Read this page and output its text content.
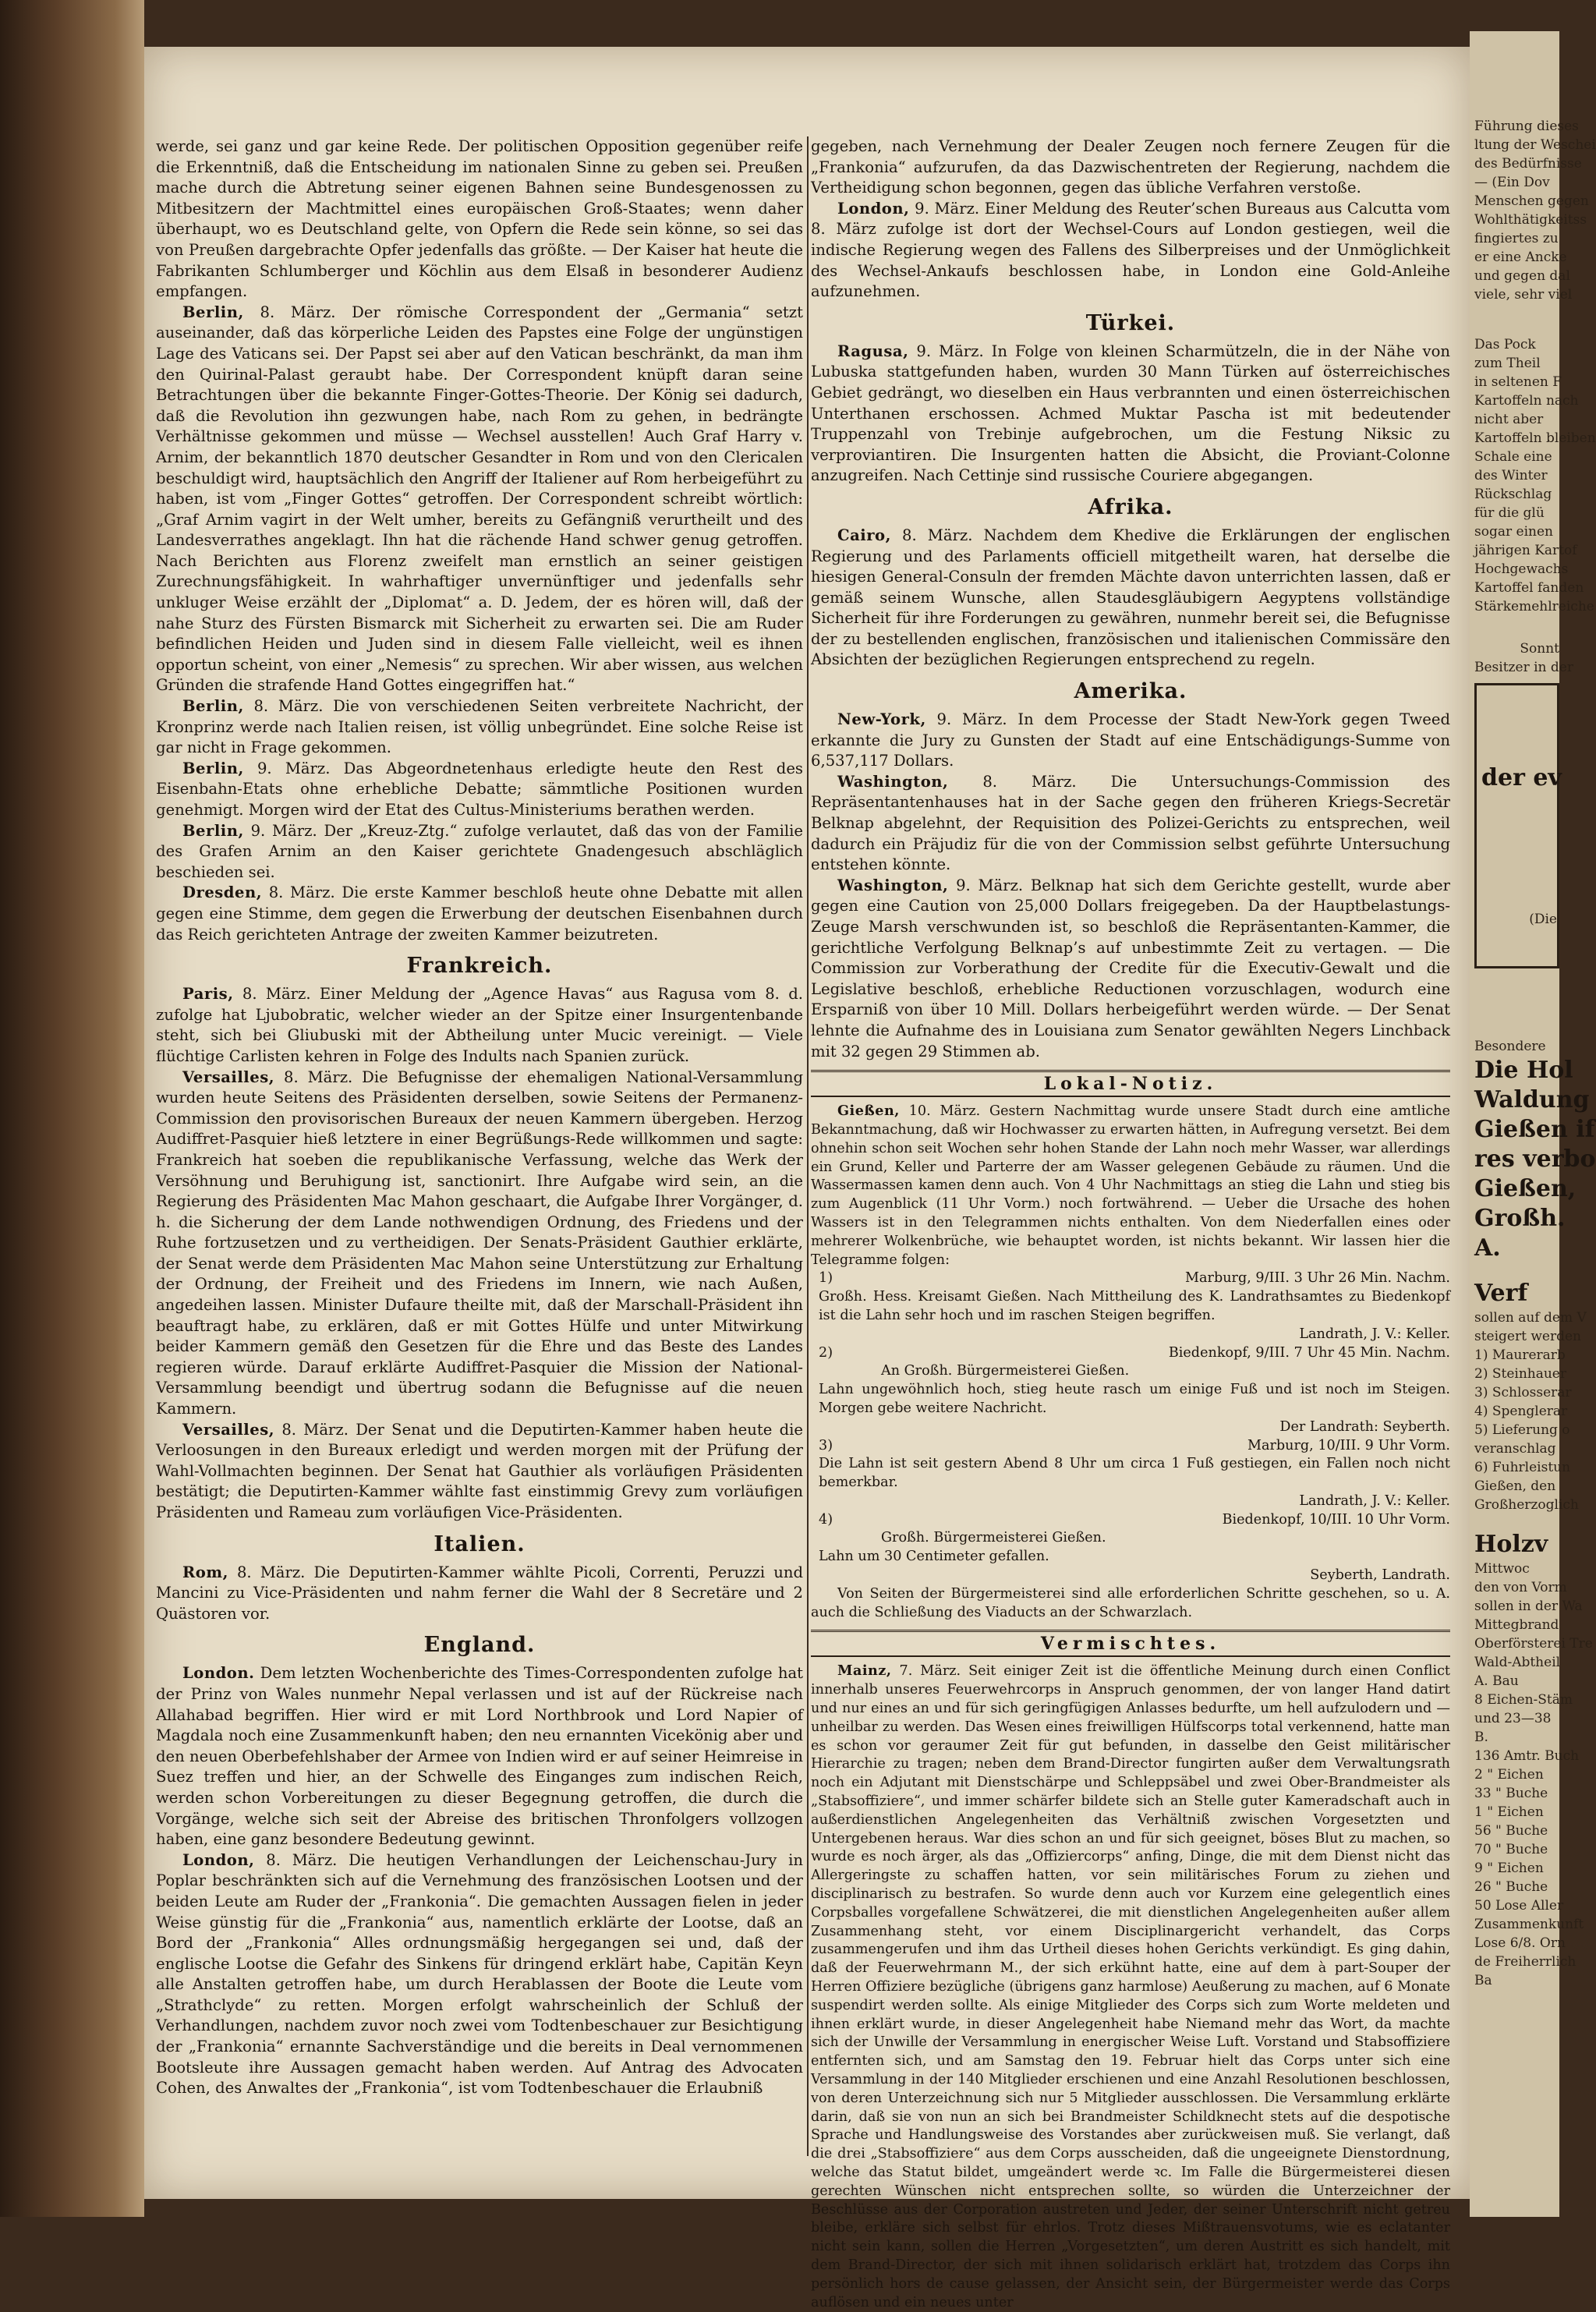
werde, sei ganz und gar keine Rede. Der politischen Opposition gegenüber reife die Erkenntniß, daß die Entscheidung im nationalen Sinne zu geben sei. Preußen mache durch die Abtretung seiner eigenen Bahnen seine Bundesgenossen zu Mitbesitzern der Machtmittel eines europäischen Groß-Staates; wenn daher überhaupt, wo es Deutschland gelte, von Opfern die Rede sein könne, so sei das von Preußen dargebrachte Opfer jedenfalls das größte. — Der Kaiser hat heute die Fabrikanten Schlumberger und Köchlin aus dem Elsaß in besonderer Audienz empfangen.

Berlin, 8. März. Der römische Correspondent der „Germania“ setzt auseinander, daß das körperliche Leiden des Papstes eine Folge der ungünstigen Lage des Vaticans sei. Der Papst sei aber auf den Vatican beschränkt, da man ihm den Quirinal-Palast geraubt habe. Der Correspondent knüpft daran seine Betrachtungen über die bekannte Finger-Gottes-Theorie. Der König sei dadurch, daß die Revolution ihn gezwungen habe, nach Rom zu gehen, in bedrängte Verhältnisse gekommen und müsse — Wechsel ausstellen! Auch Graf Harry v. Arnim, der bekanntlich 1870 deutscher Gesandter in Rom und von den Clericalen beschuldigt wird, hauptsächlich den Angriff der Italiener auf Rom herbeigeführt zu haben, ist vom „Finger Gottes“ getroffen. Der Correspondent schreibt wörtlich: „Graf Arnim vagirt in der Welt umher, bereits zu Gefängniß verurtheilt und des Landesverrathes angeklagt. Ihn hat die rächende Hand schwer genug getroffen. Nach Berichten aus Florenz zweifelt man ernstlich an seiner geistigen Zurechnungsfähigkeit. In wahrhaftiger unvernünftiger und jedenfalls sehr unkluger Weise erzählt der „Diplomat“ a. D. Jedem, der es hören will, daß der nahe Sturz des Fürsten Bismarck mit Sicherheit zu erwarten sei. Die am Ruder befindlichen Heiden und Juden sind in diesem Falle vielleicht, weil es ihnen opportun scheint, von einer „Nemesis“ zu sprechen. Wir aber wissen, aus welchen Gründen die strafende Hand Gottes eingegriffen hat.“

Berlin, 8. März. Die von verschiedenen Seiten verbreitete Nachricht, der Kronprinz werde nach Italien reisen, ist völlig unbegründet. Eine solche Reise ist gar nicht in Frage gekommen.

Berlin, 9. März. Das Abgeordnetenhaus erledigte heute den Rest des Eisenbahn-Etats ohne erhebliche Debatte; sämmtliche Positionen wurden genehmigt. Morgen wird der Etat des Cultus-Ministeriums berathen werden.

Berlin, 9. März. Der „Kreuz-Ztg.“ zufolge verlautet, daß das von der Familie des Grafen Arnim an den Kaiser gerichtete Gnadengesuch abschläglich beschieden sei.

Dresden, 8. März. Die erste Kammer beschloß heute ohne Debatte mit allen gegen eine Stimme, dem gegen die Erwerbung der deutschen Eisenbahnen durch das Reich gerichteten Antrage der zweiten Kammer beizutreten.

Frankreich.

Paris, 8. März. Einer Meldung der „Agence Havas“ aus Ragusa vom 8. d. zufolge hat Ljubobratic, welcher wieder an der Spitze einer Insurgentenbande steht, sich bei Gliubuski mit der Abtheilung unter Muсіc vereinigt. — Viele flüchtige Carlisten kehren in Folge des Indults nach Spanien zurück.

Versailles, 8. März. Die Befugnisse der ehemaligen National-Versammlung wurden heute Seitens des Präsidenten derselben, sowie Seitens der Permanenz-Commission den provisorischen Bureaux der neuen Kammern übergeben. Herzog Audiffret-Pasquier hieß letztere in einer Begrüßungs-Rede willkommen und sagte: Frankreich hat soeben die republikanische Verfassung, welche das Werk der Versöhnung und Beruhigung ist, sanctionirt. Ihre Aufgabe wird sein, an die Regierung des Präsidenten Mac Mahon geschaart, die Aufgabe Ihrer Vorgänger, d. h. die Sicherung der dem Lande nothwendigen Ordnung, des Friedens und der Ruhe fortzusetzen und zu vertheidigen. Der Senats-Präsident Gauthier erklärte, der Senat werde dem Präsidenten Mac Mahon seine Unterstützung zur Erhaltung der Ordnung, der Freiheit und des Friedens im Innern, wie nach Außen, angedeihen lassen. Minister Dufaure theilte mit, daß der Marschall-Präsident ihn beauftragt habe, zu erklären, daß er mit Gottes Hülfe und unter Mitwirkung beider Kammern gemäß den Gesetzen für die Ehre und das Beste des Landes regieren würde. Darauf erklärte Audiffret-Pasquier die Mission der National-Versammlung beendigt und übertrug sodann die Befugnisse auf die neuen Kammern.

Versailles, 8. März. Der Senat und die Deputirten-Kammer haben heute die Verloosungen in den Bureaux erledigt und werden morgen mit der Prüfung der Wahl-Vollmachten beginnen. Der Senat hat Gauthier als vorläufigen Präsidenten bestätigt; die Deputirten-Kammer wählte fast einstimmig Grevy zum vorläufigen Präsidenten und Rameau zum vorläufigen Vice-Präsidenten.

Italien.

Rom, 8. März. Die Deputirten-Kammer wählte Picoli, Correnti, Peruzzi und Mancini zu Vice-Präsidenten und nahm ferner die Wahl der 8 Secretäre und 2 Quästoren vor.

England.

London. Dem letzten Wochenberichte des Times-Correspondenten zufolge hat der Prinz von Wales nunmehr Nepal verlassen und ist auf der Rückreise nach Allahabad begriffen. Hier wird er mit Lord Northbrook und Lord Napier of Magdala noch eine Zusammenkunft haben; den neu ernannten Vicekönig aber und den neuen Oberbefehlshaber der Armee von Indien wird er auf seiner Heimreise in Suez treffen und hier, an der Schwelle des Einganges zum indischen Reich, werden schon Vorbereitungen zu dieser Begegnung getroffen, die durch die Vorgänge, welche sich seit der Abreise des britischen Thronfolgers vollzogen haben, eine ganz besondere Bedeutung gewinnt.

London, 8. März. Die heutigen Verhandlungen der Leichenschau-Jury in Poplar beschränkten sich auf die Vernehmung des französischen Lootsen und der beiden Leute am Ruder der „Frankonia“. Die gemachten Aussagen fielen in jeder Weise günstig für die „Frankonia“ aus, namentlich erklärte der Lootse, daß an Bord der „Frankonia“ Alles ordnungsmäßig hergegangen sei und, daß der englische Lootse die Gefahr des Sinkens für dringend erklärt habe, Capitän Keyn alle Anstalten getroffen habe, um durch Herablassen der Boote die Leute vom „Strathclyde“ zu retten. Morgen erfolgt wahrscheinlich der Schluß der Verhandlungen, nachdem zuvor noch zwei vom Todtenbeschauer zur Besichtigung der „Frankonia“ ernannte Sachverständige und die bereits in Deal vernommenen Bootsleute ihre Aussagen gemacht haben werden. Auf Antrag des Advocaten Cohen, des Anwaltes der „Frankonia“, ist vom Todtenbeschauer die Erlaubniß

gegeben, nach Vernehmung der Dealer Zeugen noch fernere Zeugen für die „Frankonia“ aufzurufen, da das Dazwischentreten der Regierung, nachdem die Vertheidigung schon begonnen, gegen das übliche Verfahren verstoße.

London, 9. März. Einer Meldung des Reuter’schen Bureaus aus Calcutta vom 8. März zufolge ist dort der Wechsel-Cours auf London gestiegen, weil die indische Regierung wegen des Fallens des Silberpreises und der Unmöglichkeit des Wechsel-Ankaufs beschlossen habe, in London eine Gold-Anleihe aufzunehmen.

Türkei.

Ragusa, 9. März. In Folge von kleinen Scharmützeln, die in der Nähe von Lubuska stattgefunden haben, wurden 30 Mann Türken auf österreichisches Gebiet gedrängt, wo dieselben ein Haus verbrannten und einen österreichischen Unterthanen erschossen. Achmed Muktar Pascha ist mit bedeutender Truppenzahl von Trebinje aufgebrochen, um die Festung Niksic zu verproviantiren. Die Insurgenten hatten die Absicht, die Proviant-Colonne anzugreifen. Nach Cettinje sind russische Couriere abgegangen.

Afrika.

Cairo, 8. März. Nachdem dem Khedive die Erklärungen der englischen Regierung und des Parlaments officiell mitgetheilt waren, hat derselbe die hiesigen General-Consuln der fremden Mächte davon unterrichten lassen, daß er gemäß seinem Wunsche, allen Staudesgläubigern Aegyptens vollständige Sicherheit für ihre Forderungen zu gewähren, nunmehr bereit sei, die Befugnisse der zu bestellenden englischen, französischen und italienischen Commissäre den Absichten der bezüglichen Regierungen entsprechend zu regeln.

Amerika.

New-York, 9. März. In dem Processe der Stadt New-York gegen Tweed erkannte die Jury zu Gunsten der Stadt auf eine Entschädigungs-Summe von 6,537,117 Dollars.

Washington, 8. März. Die Untersuchungs-Commission des Repräsentantenhauses hat in der Sache gegen den früheren Kriegs-Secretär Belknap abgelehnt, der Requisition des Polizei-Gerichts zu entsprechen, weil dadurch ein Präjudiz für die von der Commission selbst geführte Untersuchung entstehen könnte.

Washington, 9. März. Belknap hat sich dem Gerichte gestellt, wurde aber gegen eine Caution von 25,000 Dollars freigegeben. Da der Hauptbelastungs-Zeuge Marsh verschwunden ist, so beschloß die Repräsentanten-Kammer, die gerichtliche Verfolgung Belknap’s auf unbestimmte Zeit zu vertagen. — Die Commission zur Vorberathung der Credite für die Executiv-Gewalt und die Legislative beschloß, erhebliche Reductionen vorzuschlagen, wodurch eine Ersparniß von über 10 Mill. Dollars herbeigeführt werden würde. — Der Senat lehnte die Aufnahme des in Louisiana zum Senator gewählten Negers Linchback mit 32 gegen 29 Stimmen ab.

Lokal-Notiz.

Gießen, 10. März. Gestern Nachmittag wurde unsere Stadt durch eine amtliche Bekanntmachung, daß wir Hochwasser zu erwarten hätten, in Aufregung versetzt. Bei dem ohnehin schon seit Wochen sehr hohen Stande der Lahn noch mehr Wasser, war allerdings ein Grund, Keller und Parterre der am Wasser gelegenen Gebäude zu räumen. Und die Wassermassen kamen denn auch. Von 4 Uhr Nachmittags an stieg die Lahn und stieg bis zum Augenblick (11 Uhr Vorm.) noch fortwährend. — Ueber die Ursache des hohen Wassers ist in den Telegrammen nichts enthalten. Von dem Niederfallen eines oder mehrerer Wolkenbrüche, wie behauptet worden, ist nichts bekannt. Wir lassen hier die Telegramme folgen:

1)	Marburg, 9/III. 3 Uhr 26 Min. Nachm.
Großh. Hess. Kreisamt Gießen. Nach Mittheilung des K. Landrathsamtes zu Biedenkopf ist die Lahn sehr hoch und im raschen Steigen begriffen.
Landrath, J. V.: Keller.
2)	Biedenkopf, 9/III. 7 Uhr 45 Min. Nachm.
An Großh. Bürgermeisterei Gießen.
Lahn ungewöhnlich hoch, stieg heute rasch um einige Fuß und ist noch im Steigen. Morgen gebe weitere Nachricht.
Der Landrath: Seyberth.
3)	Marburg, 10/III. 9 Uhr Vorm.
Die Lahn ist seit gestern Abend 8 Uhr um circa 1 Fuß gestiegen, ein Fallen noch nicht bemerkbar.
Landrath, J. V.: Keller.
4)	Biedenkopf, 10/III. 10 Uhr Vorm.
Großh. Bürgermeisterei Gießen.
Lahn um 30 Centimeter gefallen.
Seyberth, Landrath.

Von Seiten der Bürgermeisterei sind alle erforderlichen Schritte geschehen, so u. A. auch die Schließung des Viaducts an der Schwarzlach.

Vermischtes.

Mainz, 7. März. Seit einiger Zeit ist die öffentliche Meinung durch einen Conflict innerhalb unseres Feuerwehrcorps in Anspruch genommen, der von langer Hand datirt und nur eines an und für sich geringfügigen Anlasses bedurfte, um hell aufzulodern und — unheilbar zu werden. Das Wesen eines freiwilligen Hülfscorps total verkennend, hatte man es schon vor geraumer Zeit für gut befunden, in dasselbe den Geist militärischer Hierarchie zu tragen; neben dem Brand-Director fungirten außer dem Verwaltungsrath noch ein Adjutant mit Dienstschärpe und Schleppsäbel und zwei Ober-Brandmeister als „Stabsoffiziere“, und immer schärfer bildete sich an Stelle guter Kameradschaft auch in außerdienstlichen Angelegenheiten das Verhältniß zwischen Vorgesetzten und Untergebenen heraus. War dies schon an und für sich geeignet, böses Blut zu machen, so wurde es noch ärger, als das „Offiziercorps“ anfing, Dinge, die mit dem Dienst nicht das Allergeringste zu schaffen hatten, vor sein militärisches Forum zu ziehen und disciplinarisch zu bestrafen. So wurde denn auch vor Kurzem eine gelegentlich eines Corpsballes vorgefallene Schwätzerei, die mit dienstlichen Angelegenheiten außer allem Zusammenhang steht, vor einem Disciplinargericht verhandelt, das Corps zusammengerufen und ihm das Urtheil dieses hohen Gerichts verkündigt. Es ging dahin, daß der Feuerwehrmann M., der sich erkühnt hatte, eine auf dem à part-Souper der Herren Offiziere bezügliche (übrigens ganz harmlose) Aeußerung zu machen, auf 6 Monate suspendirt werden sollte. Als einige Mitglieder des Corps sich zum Worte meldeten und ihnen erklärt wurde, in dieser Angelegenheit habe Niemand mehr das Wort, da machte sich der Unwille der Versammlung in energischer Weise Luft. Vorstand und Stabsoffiziere entfernten sich, und am Samstag den 19. Februar hielt das Corps unter sich eine Versammlung in der 140 Mitglieder erschienen und eine Anzahl Resolutionen beschlossen, von deren Unterzeichnung sich nur 5 Mitglieder ausschlossen. Die Versammlung erklärte darin, daß sie von nun an sich bei Brandmeister Schildknecht stets auf die despotische Sprache und Handlungsweise des Vorstandes aber zurückweisen muß. Sie verlangt, daß die drei „Stabsoffiziere“ aus dem Corps ausscheiden, daß die ungeeignete Dienstordnung, welche das Statut bildet, umgeändert werde ꝛc. Im Falle die Bürgermeisterei diesen gerechten Wünschen nicht entsprechen sollte, so würden die Unterzeichner der Beschlüsse aus der Corporation austreten und Jeder, der seiner Unterschrift nicht getreu bleibe, erkläre sich selbst für ehrlos. Trotz dieses Mißtrauensvotums, wie es eclatanter nicht sein kann, sollen die Herren „Vorgesetzten“, um deren Austritt es sich handelt, mit dem Brand-Director, der sich mit ihnen solidarisch erklärt hat, trotzdem das Corps ihn persönlich hors de cause gelassen, der Ansicht sein, der Bürgermeister werde das Corps auflösen und ein neues unter

Führung dieses
ltung der Weschei
des Bedürfnisse
— (Ein Dov
Menschen gegen
Wohlthätigkeitss
fingiertes zu
er eine Ancke
und gegen dal
viele, sehr viel
Das Pock
zum Theil
in seltenen F
Kartoffeln nach
nicht aber
Kartoffeln bleiben
Schale eine
des Winter
Rückschlag
für die glü
sogar einen
jährigen Kartof
Hochgewachs
Kartoffel fanden
Stärkemehlreiche
Sonnt
Besitzer in der
der ev
(Die
Besondere
Die Hol
Waldung
Gießen if
res verbo
Gießen,
Großh.
A.
Verf
sollen auf dem V
steigert werden
1) Maurerarb
2) Steinhauer
3) Schlosserar
4) Spenglerar
5) Lieferung o
veranschlag
6) Fuhrleistun
Gießen, den
Großherzoglich
Holzv
Mittwoc
den von Vorm
sollen in der Wa
Mittegbrand
Oberförsterei Tre
Wald-Abtheil
A. Bau
8 Eichen-Stäm
und 23—38
B.
136 Amtr. Buch
2 " Eichen
33 " Buche
1 " Eichen
56 " Buche
70 " Buche
9 " Eichen
26 " Buche
50 Lose Aller
Zusammenkunft
Lose 6/8. Orn
de Freiherrlich
Ba
